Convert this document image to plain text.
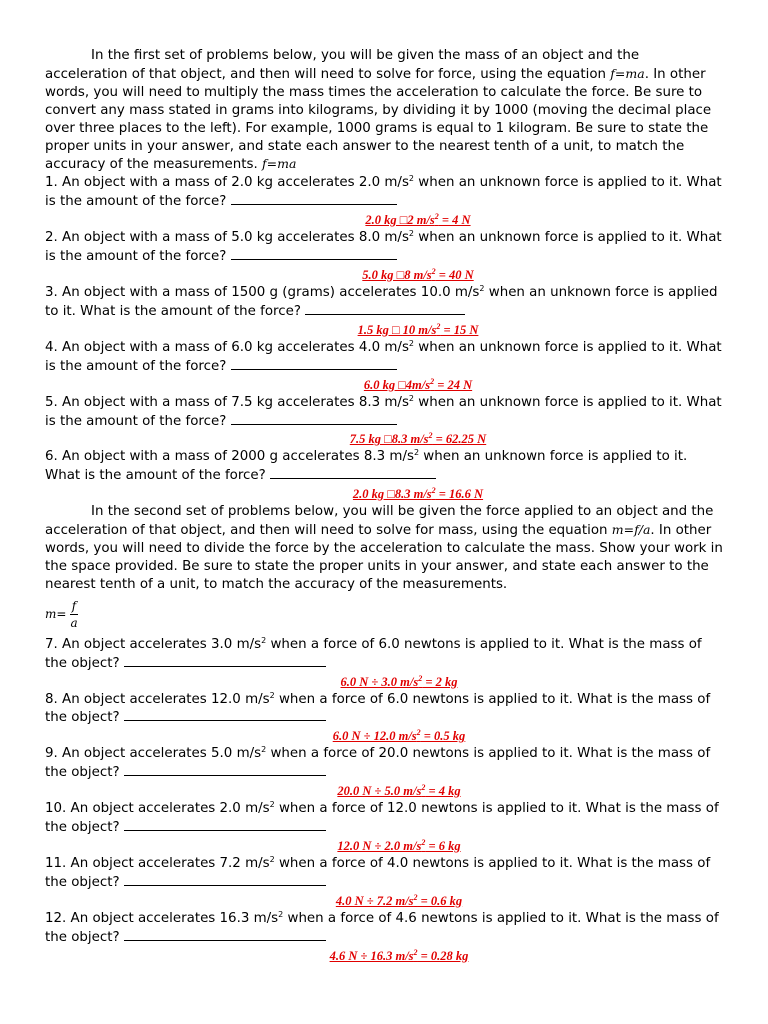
In the first set of problems below, you will be given the mass of an object and the acceleration of that object, and then will need to solve for force, using the equation f=ma. In other words, you will need to multiply the mass times the acceleration to calculate the force. Be sure to convert any mass stated in grams into kilograms, by dividing it by 1000 (moving the decimal place over three places to the left). For example, 1000 grams is equal to 1 kilogram. Be sure to state the proper units in your answer, and state each answer to the nearest tenth of a unit, to match the accuracy of the measurements. f=ma

1. An object with a mass of 2.0 kg accelerates 2.0 $m/s^2$ when an unknown force is applied to it. What is the amount of the force?

2.0 kg □2 $m/s^2 = 4$ N

2. An object with a mass of 5.0 kg accelerates 8.0 $m/s^2$ when an unknown force is applied to it. What is the amount of the force?

5.0 kg □8 $m/s^2 = 40$ N

3. An object with a mass of 1500 g (grams) accelerates 10.0 $m/s^2$ when an unknown force is applied to it. What is the amount of the force?

1.5 kg □ 10 $m/s^2 = 15$ N

4. An object with a mass of 6.0 kg accelerates 4.0 $m/s^2$ when an unknown force is applied to it. What is the amount of the force?

6.0 kg $□4m/s^2 = 24$ N

5. An object with a mass of 7.5 kg accelerates 8.3 $m/s^2$ when an unknown force is applied to it. What is the amount of the force?

7.5 kg □8.3 $m/s^2 = 62.25$ N

6. An object with a mass of 2000 g accelerates 8.3 $m/s^2$ when an unknown force is applied to it. What is the amount of the force?

2.0 kg □8.3 $m/s^2 = 16.6$ N

In the second set of problems below, you will be given the force applied to an object and the acceleration of that object, and then will need to solve for mass, using the equation m=f/a. In other words, you will need to divide the force by the acceleration to calculate the mass. Show your work in the space provided. Be sure to state the proper units in your answer, and state each answer to the nearest tenth of a unit, to match the accuracy of the measurements.

$m= \frac{f}{a}$

7. An object accelerates 3.0 $m/s^2$ when a force of 6.0 newtons is applied to it. What is the mass of the object?

6.0 N ÷ 3.0 $m/s^2 = 2$ kg

8. An object accelerates 12.0 $m/s^2$ when a force of 6.0 newtons is applied to it. What is the mass of the object?

6.0 N ÷ 12.0 $m/s^2 = 0.5$ kg

9. An object accelerates 5.0 $m/s^2$ when a force of 20.0 newtons is applied to it. What is the mass of the object?

20.0 N ÷ 5.0 $m/s^2 = 4$ kg

10. An object accelerates 2.0 $m/s^2$ when a force of 12.0 newtons is applied to it. What is the mass of the object?

12.0 N ÷ 2.0 $m/s^2 = 6$ kg

11. An object accelerates 7.2 $m/s^2$ when a force of 4.0 newtons is applied to it. What is the mass of the object?

4.0 N ÷ 7.2 $m/s^2 = 0.6$ kg

12. An object accelerates 16.3 $m/s^2$ when a force of 4.6 newtons is applied to it. What is the mass of the object?

4.6 N ÷ 16.3 $m/s^2 = 0.28$ kg
